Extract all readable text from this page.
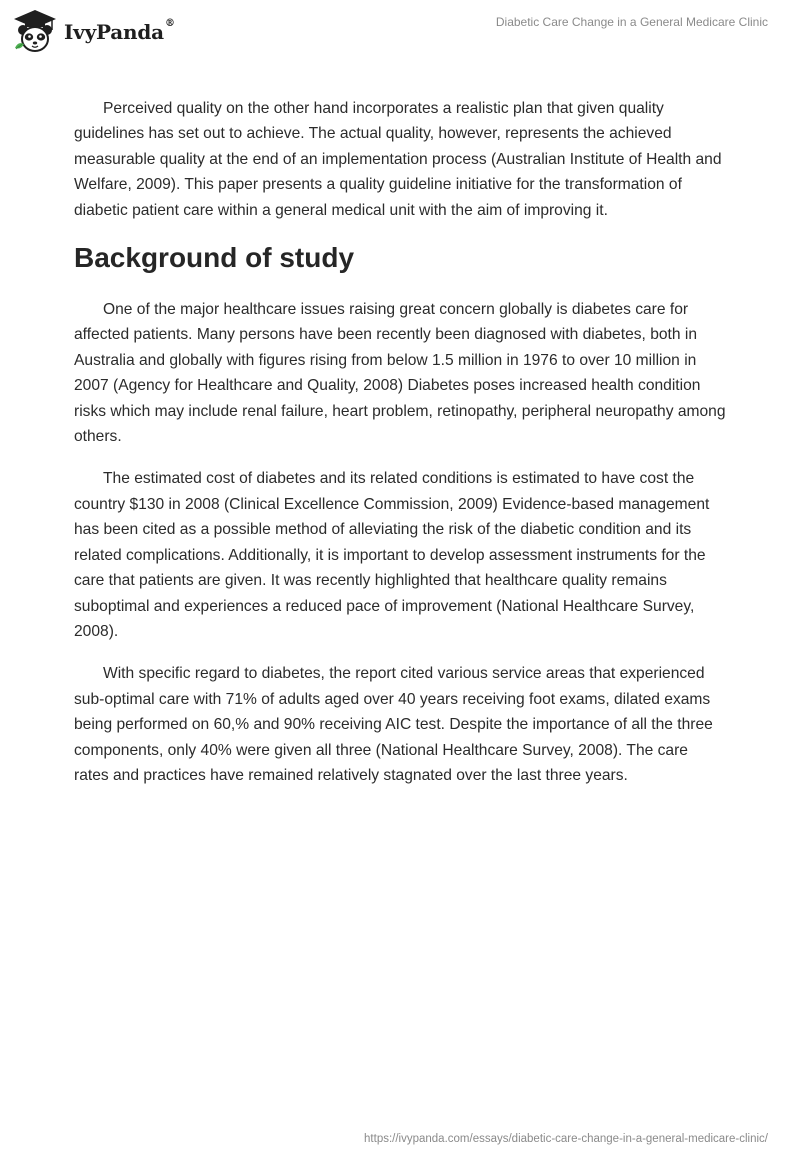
IvyPanda®	Diabetic Care Change in a General Medicare Clinic

Perceived quality on the other hand incorporates a realistic plan that given quality guidelines has set out to achieve. The actual quality, however, represents the achieved measurable quality at the end of an implementation process (Australian Institute of Health and Welfare, 2009). This paper presents a quality guideline initiative for the transformation of diabetic patient care within a general medical unit with the aim of improving it.

Background of study

One of the major healthcare issues raising great concern globally is diabetes care for affected patients. Many persons have been recently been diagnosed with diabetes, both in Australia and globally with figures rising from below 1.5 million in 1976 to over 10 million in 2007 (Agency for Healthcare and Quality, 2008) Diabetes poses increased health condition risks which may include renal failure, heart problem, retinopathy, peripheral neuropathy among others.

The estimated cost of diabetes and its related conditions is estimated to have cost the country $130 in 2008 (Clinical Excellence Commission, 2009) Evidence-based management has been cited as a possible method of alleviating the risk of the diabetic condition and its related complications. Additionally, it is important to develop assessment instruments for the care that patients are given. It was recently highlighted that healthcare quality remains suboptimal and experiences a reduced pace of improvement (National Healthcare Survey, 2008).

With specific regard to diabetes, the report cited various service areas that experienced sub-optimal care with 71% of adults aged over 40 years receiving foot exams, dilated exams being performed on 60,% and 90% receiving AIC test. Despite the importance of all the three components, only 40% were given all three (National Healthcare Survey, 2008). The care rates and practices have remained relatively stagnated over the last three years.

https://ivypanda.com/essays/diabetic-care-change-in-a-general-medicare-clinic/
